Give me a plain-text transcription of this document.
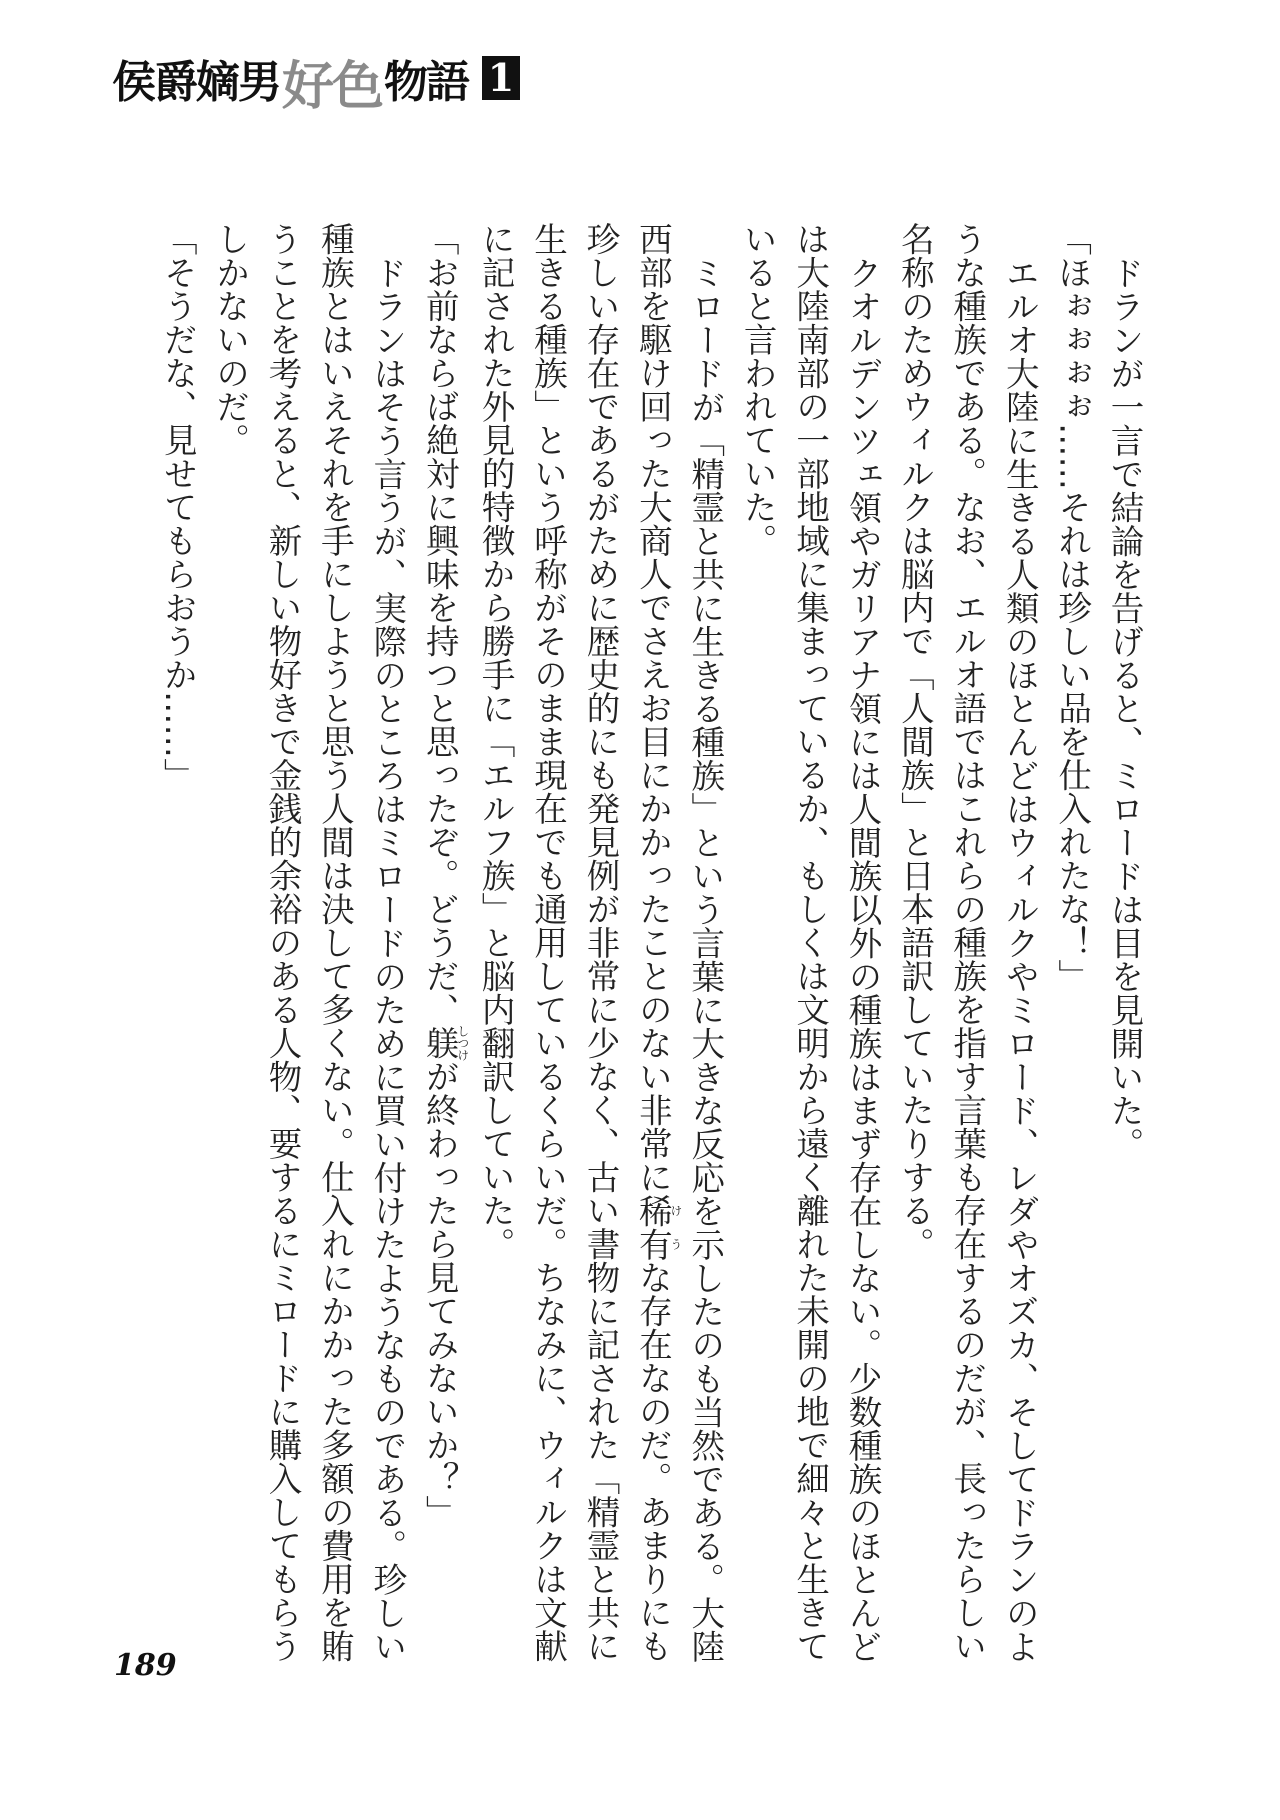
侯爵嫡男 好色 物語 1

ドランが一言で結論を告げると、ミロードは目を見開いた。

「ほぉぉぉぉ……それは珍しい品を仕入れたな！」

エルオ大陸に生きる人類のほとんどはウィルクやミロード、レダやオズカ、そしてドランのような種族である。なお、エルオ語ではこれらの種族を指す言葉も存在するのだが、長ったらしい名称のためウィルクは脳内で「人間族」と日本語訳していたりする。

クオルデンツェ領やガリアナ領には人間族以外の種族はまず存在しない。少数種族のほとんどは大陸南部の一部地域に集まっているか、もしくは文明から遠く離れた未開の地で細々と生きていると言われていた。

ミロードが「精霊と共に生きる種族」という言葉に大きな反応を示したのも当然である。大陸西部を駆け回った大商人でさえお目にかかったことのない非常に稀有けうな存在なのだ。あまりにも珍しい存在であるがために歴史的にも発見例が非常に少なく、古い書物に記された「精霊と共に生きる種族」という呼称がそのまま現在でも通用しているくらいだ。ちなみに、ウィルクは文献に記された外見的特徴から勝手に「エルフ族」と脳内翻訳していた。

「お前ならば絶対に興味を持つと思ったぞ。どうだ、躾しつけが終わったら見てみないか？」

ドランはそう言うが、実際のところはミロードのために買い付けたようなものである。珍しい種族とはいえそれを手にしようと思う人間は決して多くない。仕入れにかかった多額の費用を賄うことを考えると、新しい物好きで金銭的余裕のある人物、要するにミロードに購入してもらうしかないのだ。

「そうだな、見せてもらおうか……」

189
